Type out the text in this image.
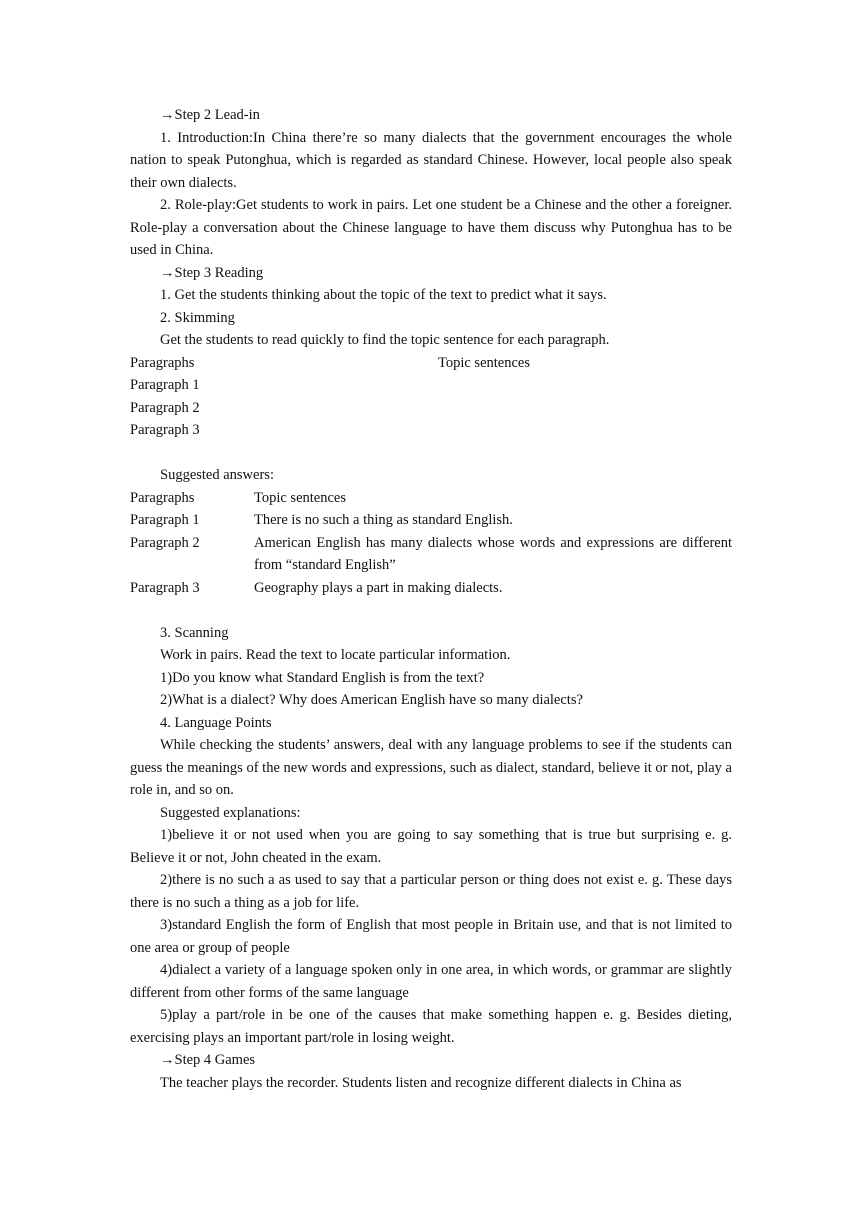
→Step 2 Lead-in

1. Introduction:In China there’re so many dialects that the government encourages the whole nation to speak Putonghua, which is regarded as standard Chinese. However, local people also speak their own dialects.

2. Role-play:Get students to work in pairs. Let one student be a Chinese and the other a foreigner. Role-play a conversation about the Chinese language to have them discuss why Putonghua has to be used in China.

→Step 3 Reading

1. Get the students thinking about the topic of the text to predict what it says.

2. Skimming

Get the students to read quickly to find the topic sentence for each paragraph.

Paragraphs	Topic sentences

Paragraph 1

Paragraph 2

Paragraph 3

Suggested answers:

Paragraphs	Topic sentences
Paragraph 1	There is no such a thing as standard English.
Paragraph 2	American English has many dialects whose words and expressions are different from “standard English”
Paragraph 3	Geography plays a part in making dialects.

3. Scanning

Work in pairs. Read the text to locate particular information.

1)Do you know what Standard English is from the text?

2)What is a dialect? Why does American English have so many dialects?

4. Language Points

While checking the students’ answers, deal with any language problems to see if the students can guess the meanings of the new words and expressions, such as dialect, standard, believe it or not, play a role in, and so on.

Suggested explanations:

1)believe it or not used when you are going to say something that is true but surprising e. g. Believe it or not, John cheated in the exam.

2)there is no such a as used to say that a particular person or thing does not exist e. g. These days there is no such a thing as a job for life.

3)standard English the form of English that most people in Britain use, and that is not limited to one area or group of people

4)dialect a variety of a language spoken only in one area, in which words, or grammar are slightly different from other forms of the same language

5)play a part/role in be one of the causes that make something happen e. g. Besides dieting, exercising plays an important part/role in losing weight.

→Step 4 Games

The teacher plays the recorder. Students listen and recognize different dialects in China as
